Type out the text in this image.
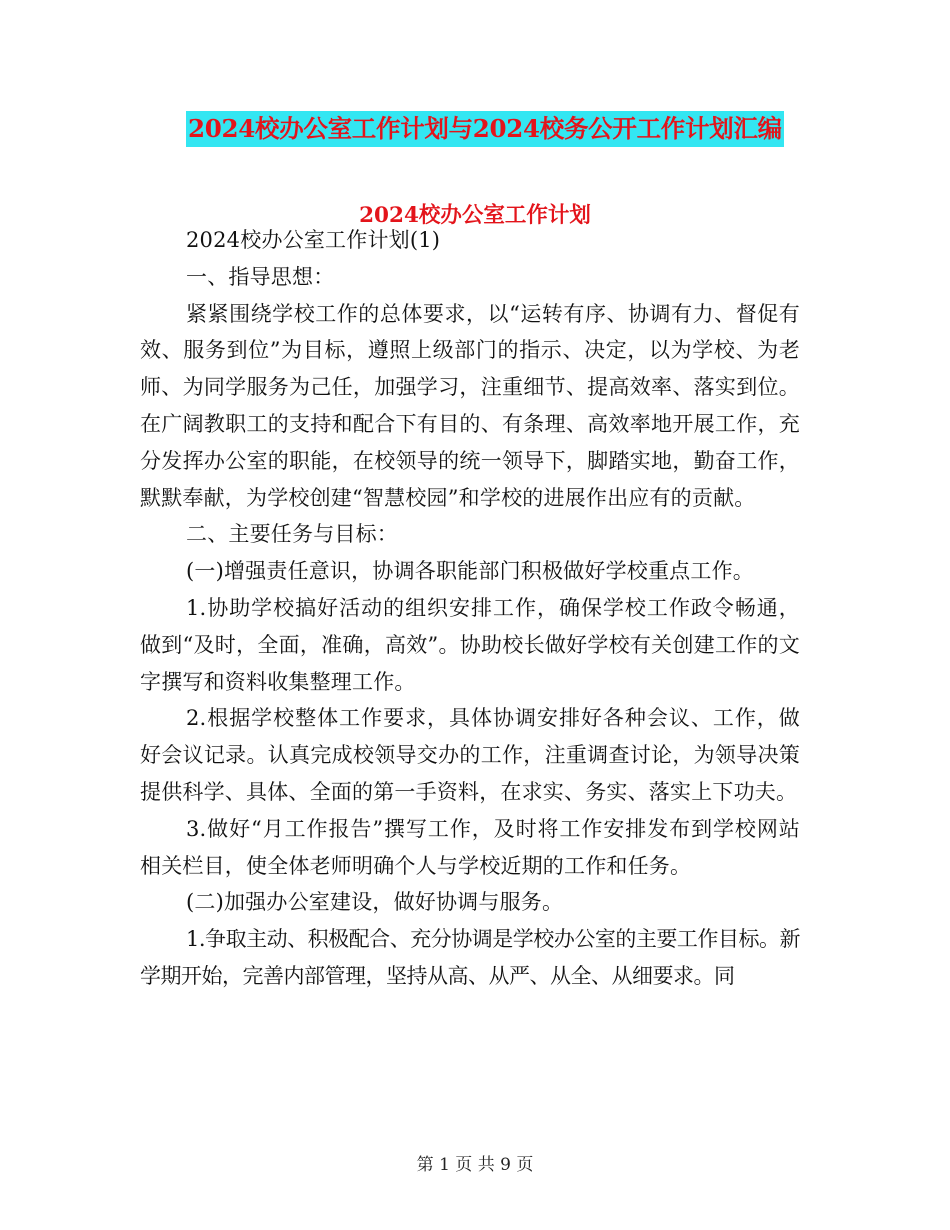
2024校办公室工作计划与2024校务公开工作计划汇编
2024校办公室工作计划

2024校办公室工作计划(1)

一、指导思想：

紧紧围绕学校工作的总体要求，以“运转有序、协调有力、督促有效、服务到位”为目标，遵照上级部门的指示、决定，以为学校、为老师、为同学服务为己任，加强学习，注重细节、提高效率、落实到位。在广阔教职工的支持和配合下有目的、有条理、高效率地开展工作，充分发挥办公室的职能，在校领导的统一领导下，脚踏实地，勤奋工作，默默奉献，为学校创建“智慧校园”和学校的进展作出应有的贡献。

二、主要任务与目标：

(一)增强责任意识，协调各职能部门积极做好学校重点工作。

1.协助学校搞好活动的组织安排工作，确保学校工作政令畅通，做到“及时，全面，准确，高效”。协助校长做好学校有关创建工作的文字撰写和资料收集整理工作。

2.根据学校整体工作要求，具体协调安排好各种会议、工作，做好会议记录。认真完成校领导交办的工作，注重调查讨论，为领导决策提供科学、具体、全面的第一手资料，在求实、务实、落实上下功夫。

3.做好“月工作报告”撰写工作，及时将工作安排发布到学校网站相关栏目，使全体老师明确个人与学校近期的工作和任务。

(二)加强办公室建设，做好协调与服务。

1.争取主动、积极配合、充分协调是学校办公室的主要工作目标。新学期开始，完善内部管理，坚持从高、从严、从全、从细要求。同

第 1 页 共 9 页
